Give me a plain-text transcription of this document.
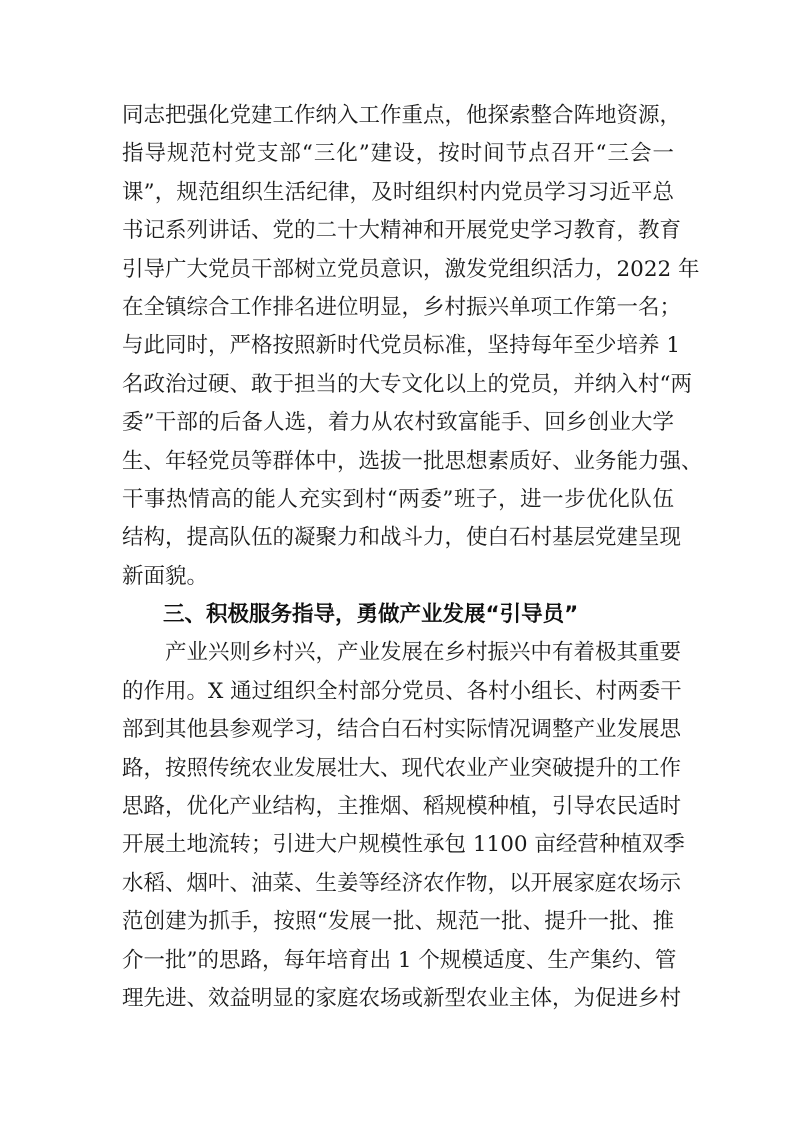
同志把强化党建工作纳入工作重点，他探索整合阵地资源，
指导规范村党支部“三化”建设，按时间节点召开“三会一
课”，规范组织生活纪律，及时组织村内党员学习习近平总
书记系列讲话、党的二十大精神和开展党史学习教育，教育
引导广大党员干部树立党员意识，激发党组织活力，2022 年
在全镇综合工作排名进位明显，乡村振兴单项工作第一名；
与此同时，严格按照新时代党员标准，坚持每年至少培养 1
名政治过硬、敢于担当的大专文化以上的党员，并纳入村“两
委”干部的后备人选，着力从农村致富能手、回乡创业大学
生、年轻党员等群体中，选拔一批思想素质好、业务能力强、
干事热情高的能人充实到村“两委”班子，进一步优化队伍
结构，提高队伍的凝聚力和战斗力，使白石村基层党建呈现
新面貌。
三、积极服务指导，勇做产业发展“引导员”
产业兴则乡村兴，产业发展在乡村振兴中有着极其重要
的作用。X 通过组织全村部分党员、各村小组长、村两委干
部到其他县参观学习，结合白石村实际情况调整产业发展思
路，按照传统农业发展壮大、现代农业产业突破提升的工作
思路，优化产业结构，主推烟、稻规模种植，引导农民适时
开展土地流转；引进大户规模性承包 1100 亩经营种植双季
水稻、烟叶、油菜、生姜等经济农作物，以开展家庭农场示
范创建为抓手，按照“发展一批、规范一批、提升一批、推
介一批”的思路，每年培育出 1 个规模适度、生产集约、管
理先进、效益明显的家庭农场或新型农业主体，为促进乡村
